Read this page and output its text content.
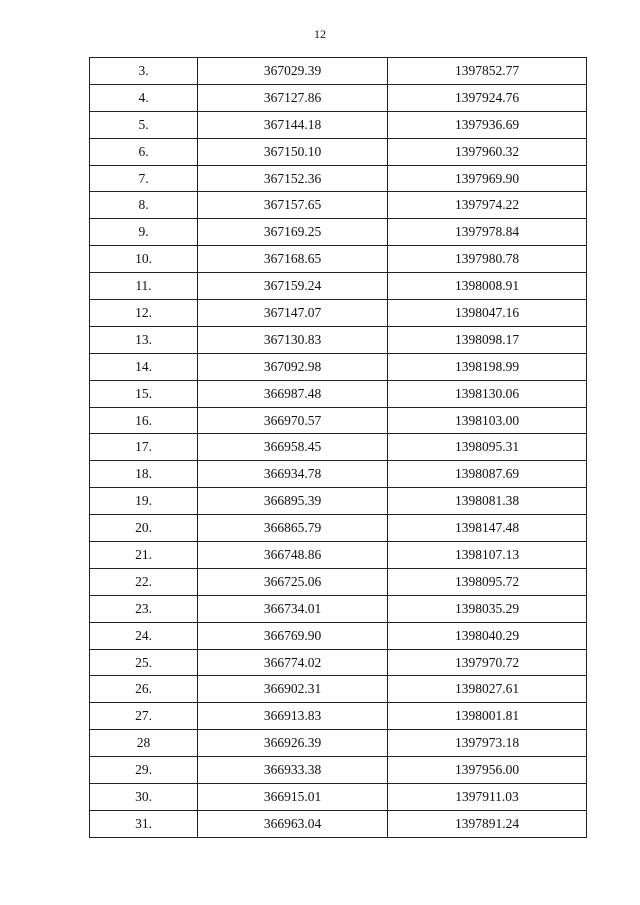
12
3.	367029.39	1397852.77
4.	367127.86	1397924.76
5.	367144.18	1397936.69
6.	367150.10	1397960.32
7.	367152.36	1397969.90
8.	367157.65	1397974.22
9.	367169.25	1397978.84
10.	367168.65	1397980.78
11.	367159.24	1398008.91
12.	367147.07	1398047.16
13.	367130.83	1398098.17
14.	367092.98	1398198.99
15.	366987.48	1398130.06
16.	366970.57	1398103.00
17.	366958.45	1398095.31
18.	366934.78	1398087.69
19.	366895.39	1398081.38
20.	366865.79	1398147.48
21.	366748.86	1398107.13
22.	366725.06	1398095.72
23.	366734.01	1398035.29
24.	366769.90	1398040.29
25.	366774.02	1397970.72
26.	366902.31	1398027.61
27.	366913.83	1398001.81
28	366926.39	1397973.18
29.	366933.38	1397956.00
30.	366915.01	1397911.03
31.	366963.04	1397891.24
